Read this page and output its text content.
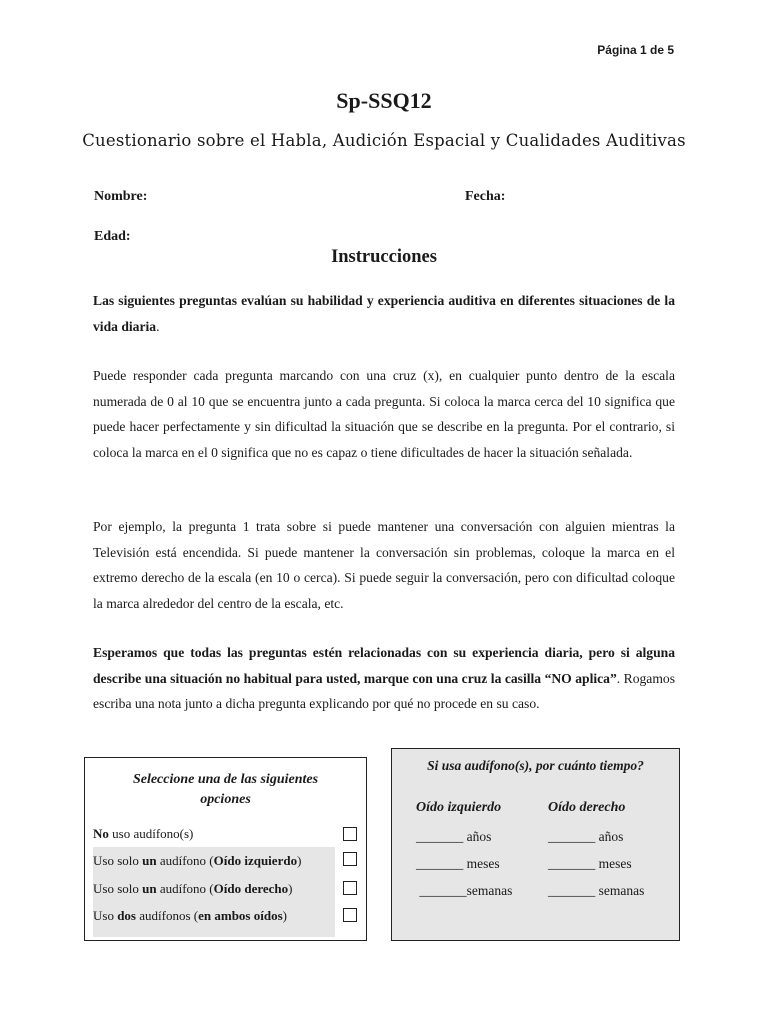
Página 1 de 5
Sp-SSQ12
Cuestionario sobre el Habla, Audición Espacial y Cualidades Auditivas
Nombre:	Fecha:
Edad:
Instrucciones
Las siguientes preguntas evalúan su habilidad y experiencia auditiva en diferentes situaciones de la vida diaria.
Puede responder cada pregunta marcando con una cruz (x), en cualquier punto dentro de la escala numerada de 0 al 10 que se encuentra junto a cada pregunta. Si coloca la marca cerca del 10 significa que puede hacer perfectamente y sin dificultad la situación que se describe en la pregunta. Por el contrario, si coloca la marca en el 0 significa que no es capaz o tiene dificultades de hacer la situación señalada.
Por ejemplo, la pregunta 1 trata sobre si puede mantener una conversación con alguien mientras la Televisión está encendida. Si puede mantener la conversación sin problemas, coloque la marca en el extremo derecho de la escala (en 10 o cerca). Si puede seguir la conversación, pero con dificultad coloque la marca alrededor del centro de la escala, etc.
Esperamos que todas las preguntas estén relacionadas con su experiencia diaria, pero si alguna describe una situación no habitual para usted, marque con una cruz la casilla “NO aplica”. Rogamos escriba una nota junto a dicha pregunta explicando por qué no procede en su caso.
Seleccione una de las siguientes opciones
No uso audífono(s)
Uso solo un audífono (Oído izquierdo)
Uso solo un audífono (Oído derecho)
Uso dos audífonos (en ambos oídos)
Si usa audífono(s), por cuánto tiempo?
Oído izquierdo	Oído derecho
_______ años
_______ meses
_______semanas
_______ años
_______ meses
_______ semanas
